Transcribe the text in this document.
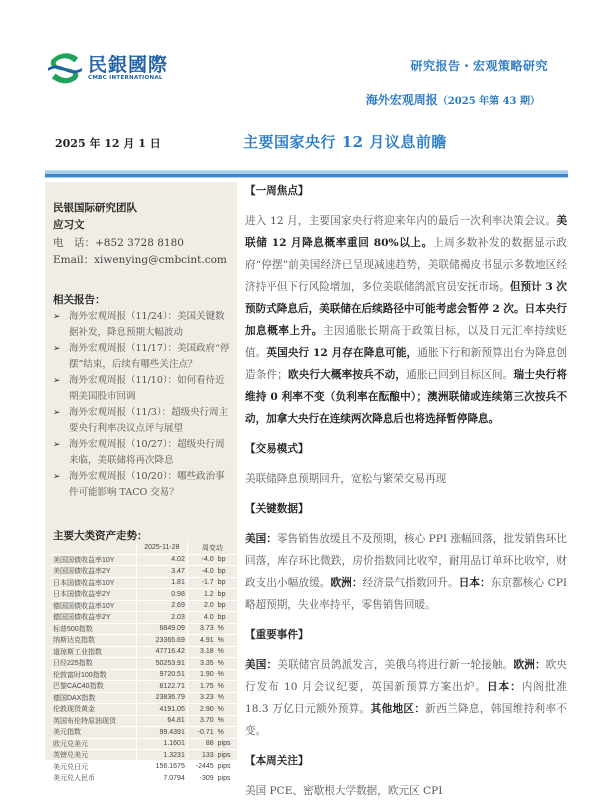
民銀國際
CMBC INTERNATIONAL
研究报告・宏观策略研究
海外宏观周报（2025 年第 43 期）
2025 年 12 月 1 日	主要国家央行 12 月议息前瞻
民银国际研究团队
应习文
电　话：+852 3728 8180
Email：xiwenying@cmbcint.com
相关报告：
➢ 海外宏观周报（11/24）：美国关键数据补发，降息预期大幅波动
➢ 海外宏观周报（11/17）：美国政府“停摆”结束，后续有哪些关注点？
➢ 海外宏观周报（11/10）：如何看待近期美国股市回调
➢ 海外宏观周报（11/3）：超级央行周主要央行利率决议点评与展望
➢ 海外宏观周报（10/27）：超级央行周来临，美联储将再次降息
➢ 海外宏观周报（10/20）：哪些政治事件可能影响 TACO 交易？
主要大类资产走势：
	2025-11-28	周变动	
美国国债收益率10Y	4.02	-4.0	bp
美国国债收益率2Y	3.47	-4.0	bp
日本国债收益率10Y	1.81	-1.7	bp
日本国债收益率2Y	0.98	1.2	bp
德国国债收益率10Y	2.69	2.0	bp
德国国债收益率2Y	2.03	4.0	bp
标普500指数	6849.09	3.73	%
纳斯达克指数	23365.69	4.91	%
道琼斯工业指数	47716.42	3.18	%
日经225指数	50253.91	3.35	%
伦敦富时100指数	9720.51	1.90	%
巴黎CAC40指数	8122.71	1.75	%
德国DAX指数	23836.79	3.23	%
伦敦现货黄金	4191.05	2.90	%
英国布伦特原油现货	64.81	3.70	%
美元指数	99.4391	-0.71	%
欧元兑美元	1.1601	88	pips
英镑兑美元	1.3231	133	pips
美元兑日元	156.1675	-2445	pips
美元兑人民币	7.0794	-309	pips
【一周焦点】

进入 12 月，主要国家央行将迎来年内的最后一次利率决策会议。美联储 12 月降息概率重回 80%以上。上周多数补发的数据显示政府“停摆”前美国经济已呈现减速趋势，美联储褐皮书显示多数地区经济持平但下行风险增加，多位美联储鸽派官员安抚市场。但预计 3 次预防式降息后，美联储在后续路径中可能考虑会暂停 2 次。日本央行加息概率上升。主因通胀长期高于政策目标，以及日元汇率持续贬值。英国央行 12 月存在降息可能，通胀下行和新预算出台为降息创造条件；欧央行大概率按兵不动，通胀已回到目标区间。瑞士央行将维持 0 利率不变（负利率在酝酿中）；澳洲联储或连续第三次按兵不动，加拿大央行在连续两次降息后也将选择暂停降息。

【交易模式】

美联储降息预期回升，宽松与繁荣交易再现

【关键数据】

美国：零售销售放缓且不及预期，核心 PPI 涨幅回落，批发销售环比回落，库存环比微跌，房价指数同比收窄，耐用品订单环比收窄，财政支出小幅放缓。欧洲：经济景气指数回升。日本：东京都核心 CPI 略超预期，失业率持平，零售销售回暖。

【重要事件】

美国：美联储官员鸽派发言，美俄乌将进行新一轮接触。欧洲：欧央行发布 10 月会议纪要，英国新预算方案出炉。日本：内阁批准 18.3 万亿日元额外预算。其他地区：新西兰降息，韩国维持利率不变。

【本周关注】

美国 PCE、密歇根大学数据，欧元区 CPI
